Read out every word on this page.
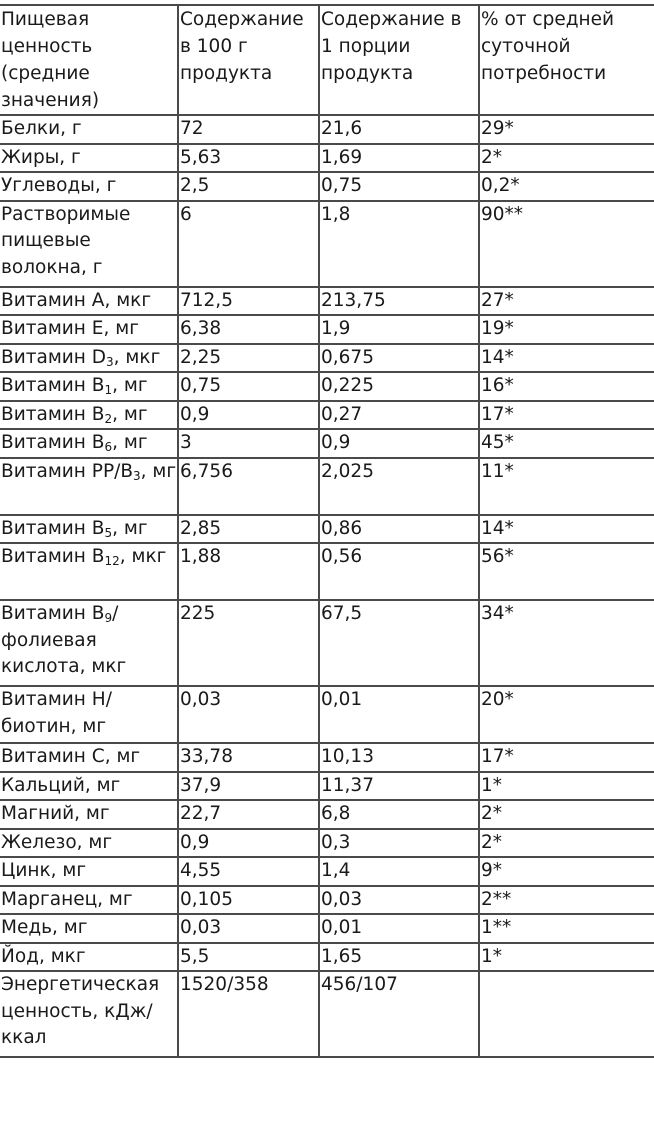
Пищевая ценность (средние значения)	Содержание в 100 г продукта	Содержание в 1 порции продукта	% от средней суточной потребности
Белки, г	72	21,6	29*
Жиры, г	5,63	1,69	2*
Углеводы, г	2,5	0,75	0,2*
Растворимые пищевые волокна, г	6	1,8	90**
Витамин А, мкг	712,5	213,75	27*
Витамин Е, мг	6,38	1,9	19*
Витамин $D_3$, мкг	2,25	0,675	14*
Витамин $B_1$, мг	0,75	0,225	16*
Витамин $B_2$, мг	0,9	0,27	17*
Витамин $B_6$, мг	3	0,9	45*
Витамин $PP/B_3$, мг	6,756	2,025	11*
Витамин $B_5$, мг	2,85	0,86	14*
Витамин $B_{12}$, мкг	1,88	0,56	56*
Витамин $B_9/$ фолиевая кислота, мкг	225	67,5	34*
Витамин Н/ биотин, мг	0,03	0,01	20*
Витамин С, мг	33,78	10,13	17*
Кальций, мг	37,9	11,37	1*
Магний, мг	22,7	6,8	2*
Железо, мг	0,9	0,3	2*
Цинк, мг	4,55	1,4	9*
Марганец, мг	0,105	0,03	2**
Медь, мг	0,03	0,01	1**
Йод, мкг	5,5	1,65	1*
Энергетическая ценность, кДж/ ккал	1520/358	456/107	
